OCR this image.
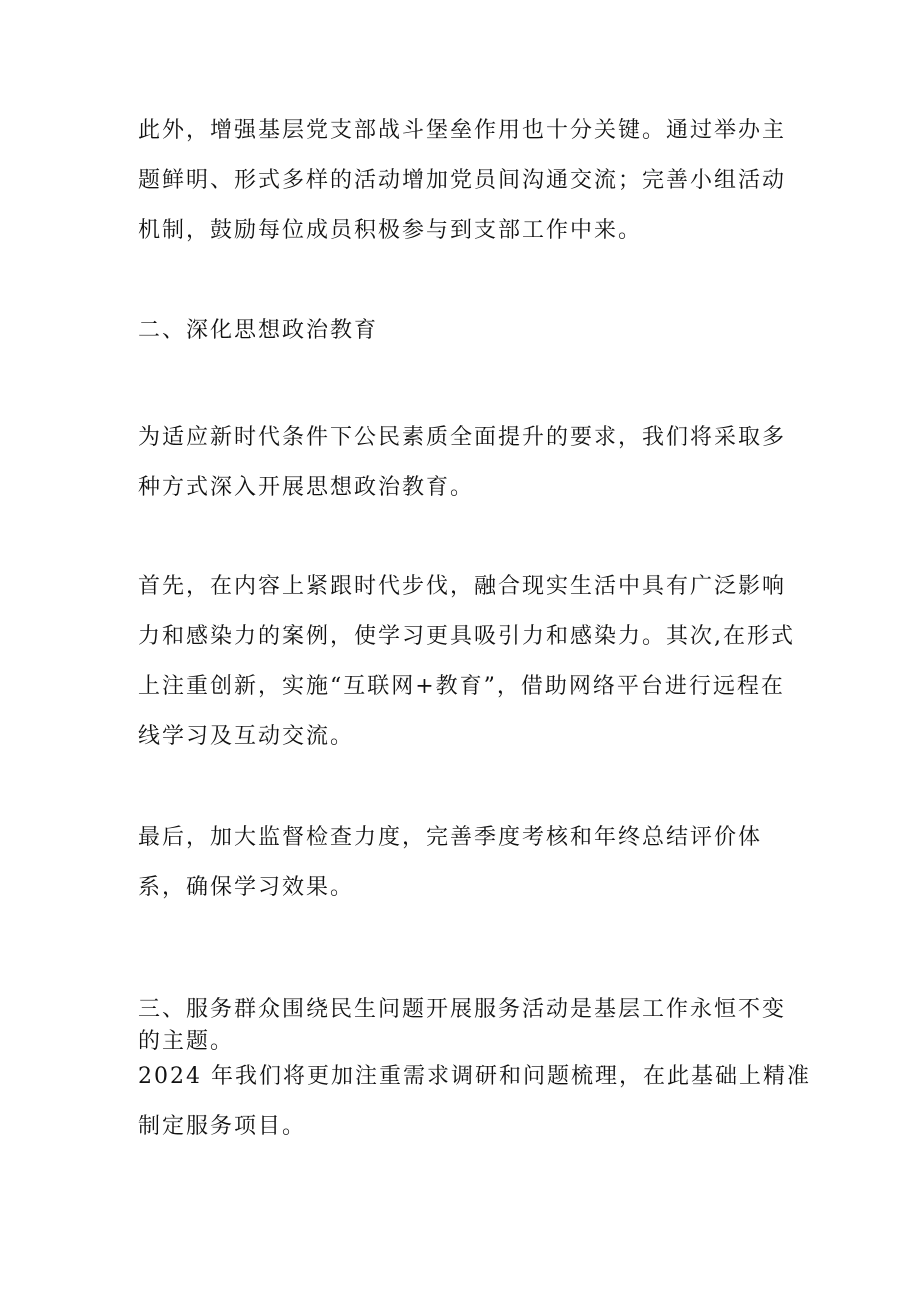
此外，增强基层党支部战斗堡垒作用也十分关键。通过举办主
题鲜明、形式多样的活动增加党员间沟通交流；完善小组活动
机制，鼓励每位成员积极参与到支部工作中来。

二、深化思想政治教育

为适应新时代条件下公民素质全面提升的要求，我们将采取多
种方式深入开展思想政治教育。

首先，在内容上紧跟时代步伐，融合现实生活中具有广泛影响
力和感染力的案例，使学习更具吸引力和感染力。其次,在形式
上注重创新，实施“互联网+教育”，借助网络平台进行远程在
线学习及互动交流。

最后，加大监督检查力度，完善季度考核和年终总结评价体
系，确保学习效果。

三、服务群众围绕民生问题开展服务活动是基层工作永恒不变
的主题。

2024 年我们将更加注重需求调研和问题梳理，在此基础上精准
制定服务项目。
